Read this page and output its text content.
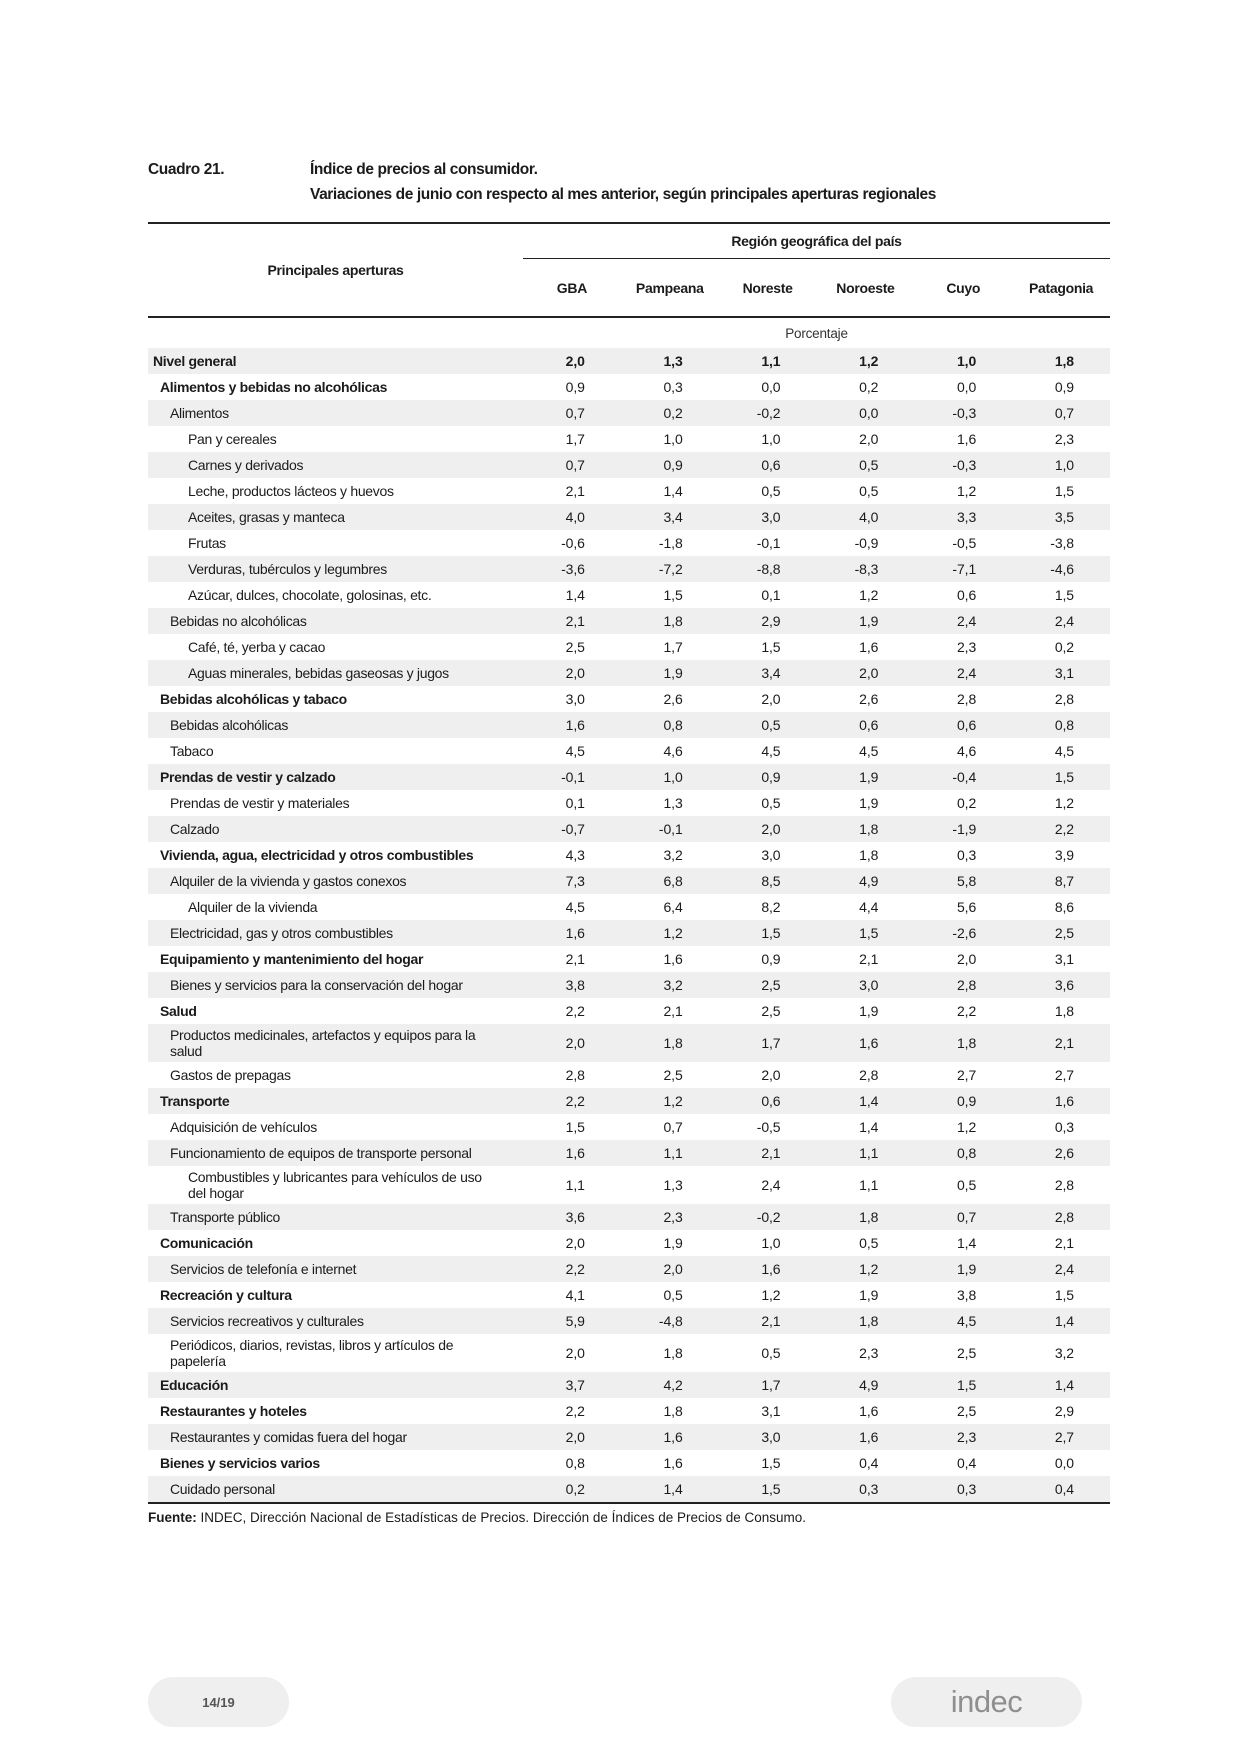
Cuadro 21.	Índice de precios al consumidor.
Variaciones de junio con respecto al mes anterior, según principales aperturas regionales
Principales aperturas
Región geográfica del país
GBA	Pampeana	Noreste	Noroeste	Cuyo	Patagonia
Porcentaje
Nivel general	2,0	1,3	1,1	1,2	1,0	1,8
Alimentos y bebidas no alcohólicas	0,9	0,3	0,0	0,2	0,0	0,9
Alimentos	0,7	0,2	-0,2	0,0	-0,3	0,7
Pan y cereales	1,7	1,0	1,0	2,0	1,6	2,3
Carnes y derivados	0,7	0,9	0,6	0,5	-0,3	1,0
Leche, productos lácteos y huevos	2,1	1,4	0,5	0,5	1,2	1,5
Aceites, grasas y manteca	4,0	3,4	3,0	4,0	3,3	3,5
Frutas	-0,6	-1,8	-0,1	-0,9	-0,5	-3,8
Verduras, tubérculos y legumbres	-3,6	-7,2	-8,8	-8,3	-7,1	-4,6
Azúcar, dulces, chocolate, golosinas, etc.	1,4	1,5	0,1	1,2	0,6	1,5
Bebidas no alcohólicas	2,1	1,8	2,9	1,9	2,4	2,4
Café, té, yerba y cacao	2,5	1,7	1,5	1,6	2,3	0,2
Aguas minerales, bebidas gaseosas y jugos	2,0	1,9	3,4	2,0	2,4	3,1
Bebidas alcohólicas y tabaco	3,0	2,6	2,0	2,6	2,8	2,8
Bebidas alcohólicas	1,6	0,8	0,5	0,6	0,6	0,8
Tabaco	4,5	4,6	4,5	4,5	4,6	4,5
Prendas de vestir y calzado	-0,1	1,0	0,9	1,9	-0,4	1,5
Prendas de vestir y materiales	0,1	1,3	0,5	1,9	0,2	1,2
Calzado	-0,7	-0,1	2,0	1,8	-1,9	2,2
Vivienda, agua, electricidad y otros combustibles	4,3	3,2	3,0	1,8	0,3	3,9
Alquiler de la vivienda y gastos conexos	7,3	6,8	8,5	4,9	5,8	8,7
Alquiler de la vivienda	4,5	6,4	8,2	4,4	5,6	8,6
Electricidad, gas y otros combustibles	1,6	1,2	1,5	1,5	-2,6	2,5
Equipamiento y mantenimiento del hogar	2,1	1,6	0,9	2,1	2,0	3,1
Bienes y servicios para la conservación del hogar	3,8	3,2	2,5	3,0	2,8	3,6
Salud	2,2	2,1	2,5	1,9	2,2	1,8
Productos medicinales, artefactos y equipos para la salud	2,0	1,8	1,7	1,6	1,8	2,1
Gastos de prepagas	2,8	2,5	2,0	2,8	2,7	2,7
Transporte	2,2	1,2	0,6	1,4	0,9	1,6
Adquisición de vehículos	1,5	0,7	-0,5	1,4	1,2	0,3
Funcionamiento de equipos de transporte personal	1,6	1,1	2,1	1,1	0,8	2,6
Combustibles y lubricantes para vehículos de uso del hogar	1,1	1,3	2,4	1,1	0,5	2,8
Transporte público	3,6	2,3	-0,2	1,8	0,7	2,8
Comunicación	2,0	1,9	1,0	0,5	1,4	2,1
Servicios de telefonía e internet	2,2	2,0	1,6	1,2	1,9	2,4
Recreación y cultura	4,1	0,5	1,2	1,9	3,8	1,5
Servicios recreativos y culturales	5,9	-4,8	2,1	1,8	4,5	1,4
Periódicos, diarios, revistas, libros y artículos de papelería	2,0	1,8	0,5	2,3	2,5	3,2
Educación	3,7	4,2	1,7	4,9	1,5	1,4
Restaurantes y hoteles	2,2	1,8	3,1	1,6	2,5	2,9
Restaurantes y comidas fuera del hogar	2,0	1,6	3,0	1,6	2,3	2,7
Bienes y servicios varios	0,8	1,6	1,5	0,4	0,4	0,0
Cuidado personal	0,2	1,4	1,5	0,3	0,3	0,4
Fuente: INDEC, Dirección Nacional de Estadísticas de Precios. Dirección de Índices de Precios de Consumo.
14/19	indec
